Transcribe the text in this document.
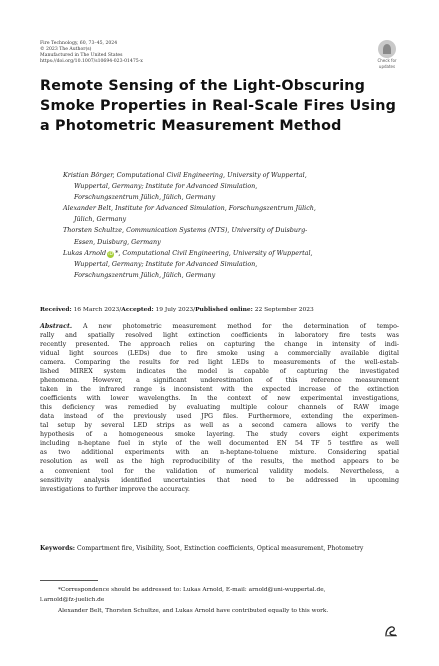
Fire Technology, 60, 73–45, 2024
© 2023 The Author(s)
Manufactured in The United States
https://doi.org/10.1007/s10694-023-01475-x	Check for
updates
Remote Sensing of the Light-Obscuring
Smoke Properties in Real-Scale Fires Using
a Photometric Measurement Method
Kristian Börger, Computational Civil Engineering, University of Wuppertal,
Wuppertal, Germany; Institute for Advanced Simulation,
Forschungszentrum Jülich, Jülich, Germany
Alexander Belt, Institute for Advanced Simulation, Forschungszentrum Jülich,
Jülich, Germany
Thorsten Schultze, Communication Systems (NTS), University of Duisburg-
Essen, Duisburg, Germany
Lukas Arnold iD *, Computational Civil Engineering, University of Wuppertal,
Wuppertal, Germany; Institute for Advanced Simulation,
Forschungszentrum Jülich, Jülich, Germany
Received: 16 March 2023/Accepted: 19 July 2023/Published online: 22 September 2023
Abstract. A new photometric measurement method for the determination of tempo-
rally and spatially resolved light extinction coefficients in laboratory fire tests was
recently presented. The approach relies on capturing the change in intensity of indi-
vidual light sources (LEDs) due to fire smoke using a commercially available digital
camera. Comparing the results for red light LEDs to measurements of the well-estab-
lished MIREX system indicates the model is capable of capturing the investigated
phenomena. However, a significant underestimation of this reference measurement
taken in the infrared range is inconsistent with the expected increase of the extinction
coefficients with lower wavelengths. In the context of new experimental investigations,
this deficiency was remedied by evaluating multiple colour channels of RAW image
data instead of the previously used JPG files. Furthermore, extending the experimen-
tal setup by several LED strips as well as a second camera allows to verify the
hypothesis of a homogeneous smoke layering. The study covers eight experiments
including n-heptane fuel in style of the well documented EN 54 TF 5 testfire as well
as two additional experiments with an n-heptane-toluene mixture. Considering spatial
resolution as well as the high reproducibility of the results, the method appears to be
a convenient tool for the validation of numerical validity models. Nevertheless, a
sensitivity analysis identified uncertainties that need to be addressed in upcoming
investigations to further improve the accuracy.
Keywords: Compartment fire, Visibility, Soot, Extinction coefficients, Optical measurement, Photometry
*Correspondence should be addressed to: Lukas Arnold, E-mail: arnold@uni-wuppertal.de,
l.arnold@fz-juelich.de
Alexander Belt, Thorsten Schultze, and Lukas Arnold have contributed equally to this work.
